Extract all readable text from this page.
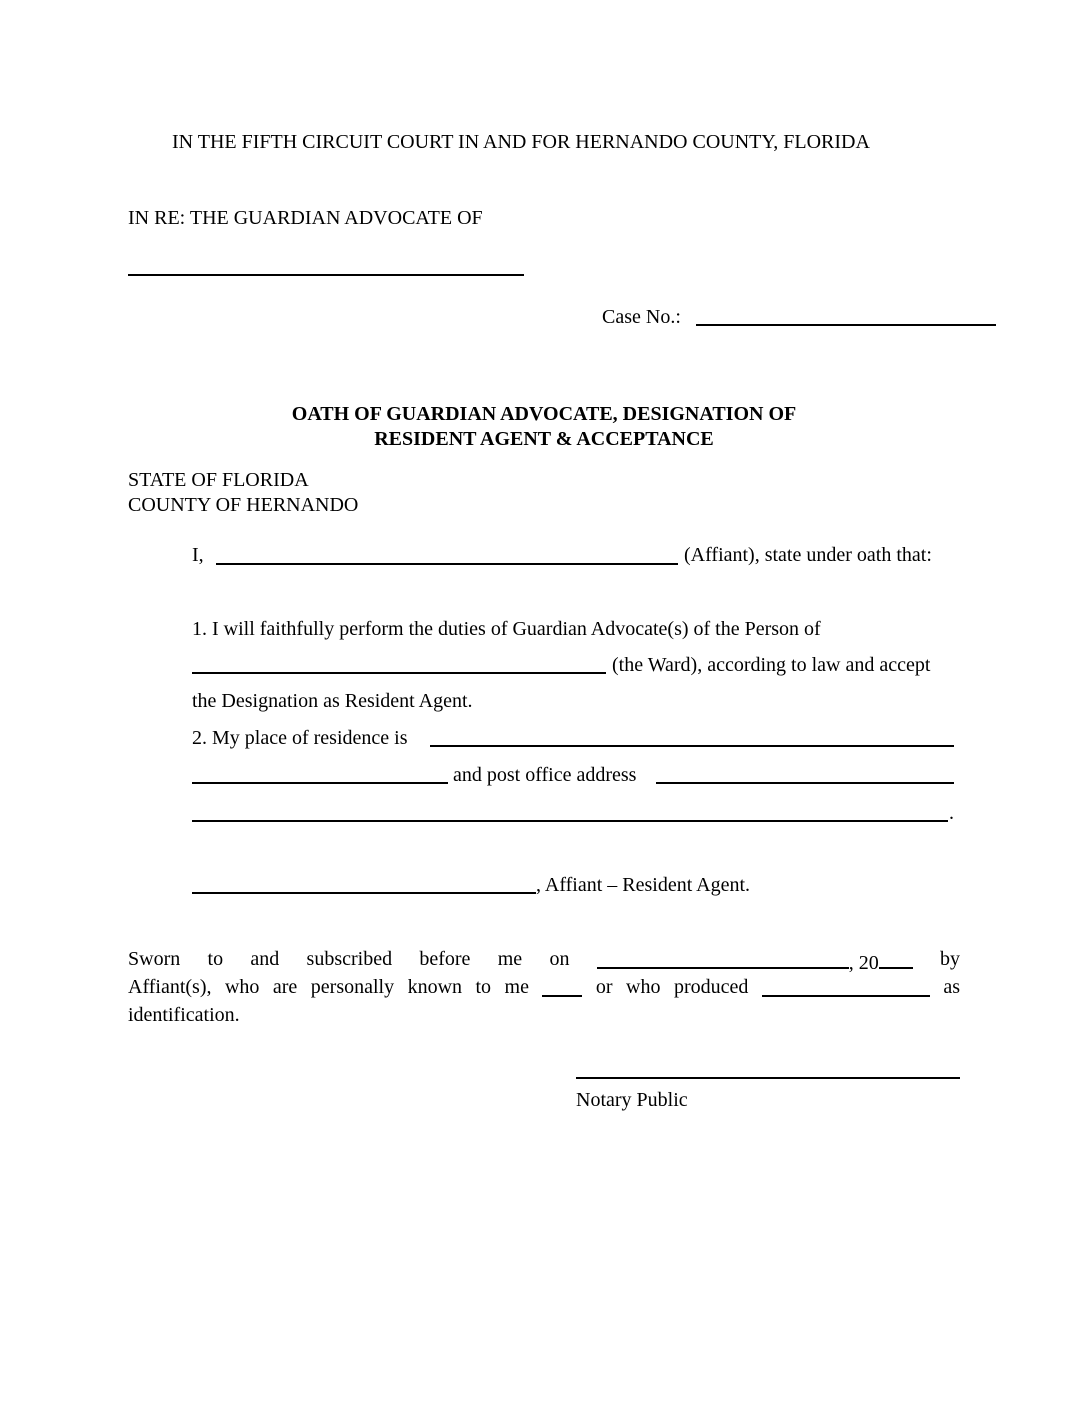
IN THE FIFTH CIRCUIT COURT IN AND FOR HERNANDO COUNTY, FLORIDA
IN RE: THE GUARDIAN ADVOCATE OF
Case No.:
OATH OF GUARDIAN ADVOCATE, DESIGNATION OF
RESIDENT AGENT & ACCEPTANCE
STATE OF FLORIDA
COUNTY OF HERNANDO
I,	(Affiant), state under oath that:
1. I will faithfully perform the duties of Guardian Advocate(s) of the Person of
(the Ward), according to law and accept
the Designation as Resident Agent.
2. My place of residence is
and post office address
.
, Affiant – Resident Agent.
Sworn to and subscribed before me on	, 20	by
Affiant(s), who are personally known to me	or who produced	as
identification.
Notary Public
